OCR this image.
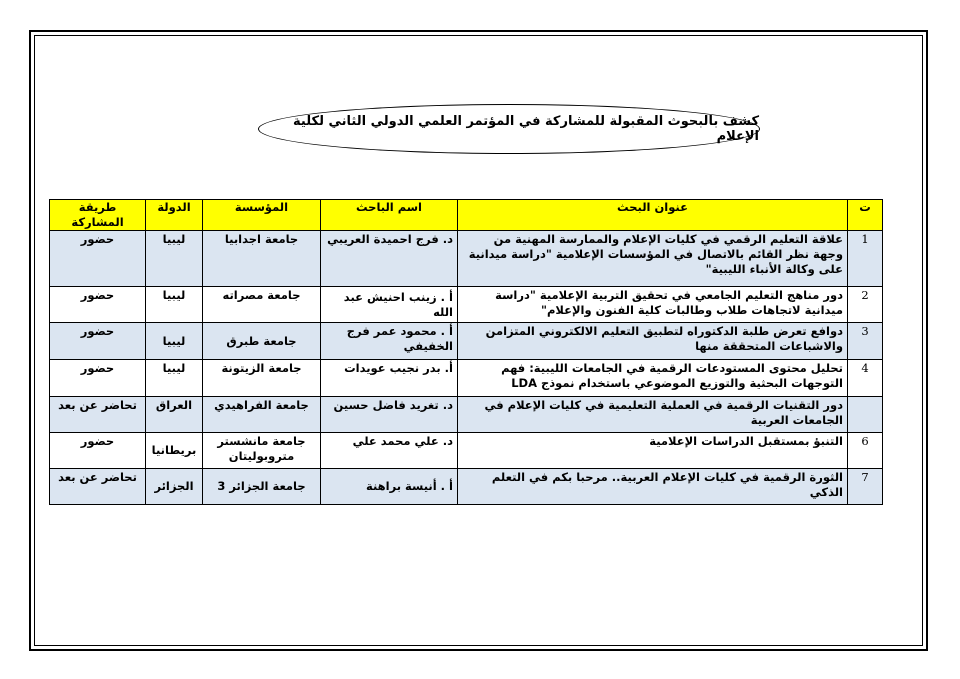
كشف بالبحوث المقبولة للمشاركة في المؤتمر العلمي الدولي الثاني لكلية الإعلام
ت	عنوان البحث	اسم الباحث	المؤسسة	الدولة	طريقة المشاركة
1	علاقة التعليم الرقمي في كليات الإعلام والممارسة المهنية من وجهة نظر القائم بالاتصال في المؤسسات الإعلامية "دراسة ميدانية على وكالة الأنباء الليبية"	د. فرج احميدة العريبي	جامعة اجدابيا	ليبيا	حضور
2	دور مناهج التعليم الجامعي في تحقيق التربية الإعلامية "دراسة ميدانية لاتجاهات طلاب وطالبات كلية الفنون والإعلام"	أ . زينب احنيش عبد الله	جامعة مصراته	ليبيا	حضور
3	دوافع تعرض طلبة الدكتوراه لتطبيق التعليم الالكتروني المتزامن والاشباعات المتحققة منها	أ . محمود عمر فرج الخفيفي	جامعة طبرق	ليبيا	حضور
4	تحليل محتوى المستودعات الرقمية في الجامعات الليبية: فهم التوجهات البحثية والتوزيع الموضوعي باستخدام نموذج LDA	أ. بدر نجيب عويدات	جامعة الزيتونة	ليبيا	حضور
	دور التقنيات الرقمية في العملية التعليمية في كليات الإعلام في الجامعات العربية	د. تغريد فاضل حسين	جامعة الفراهيدي	العراق	تحاضر عن بعد
6	التنبؤ بمستقبل الدراسات الإعلامية	د. علي محمد علي	جامعة مانشستر متروبوليتان	بريطانيا	حضور
7	الثورة الرقمية في كليات الإعلام العربية.. مرحبا بكم في التعلم الذكي	أ . أنيسة براهنة	جامعة الجزائر 3	الجزائر	تحاضر عن بعد
